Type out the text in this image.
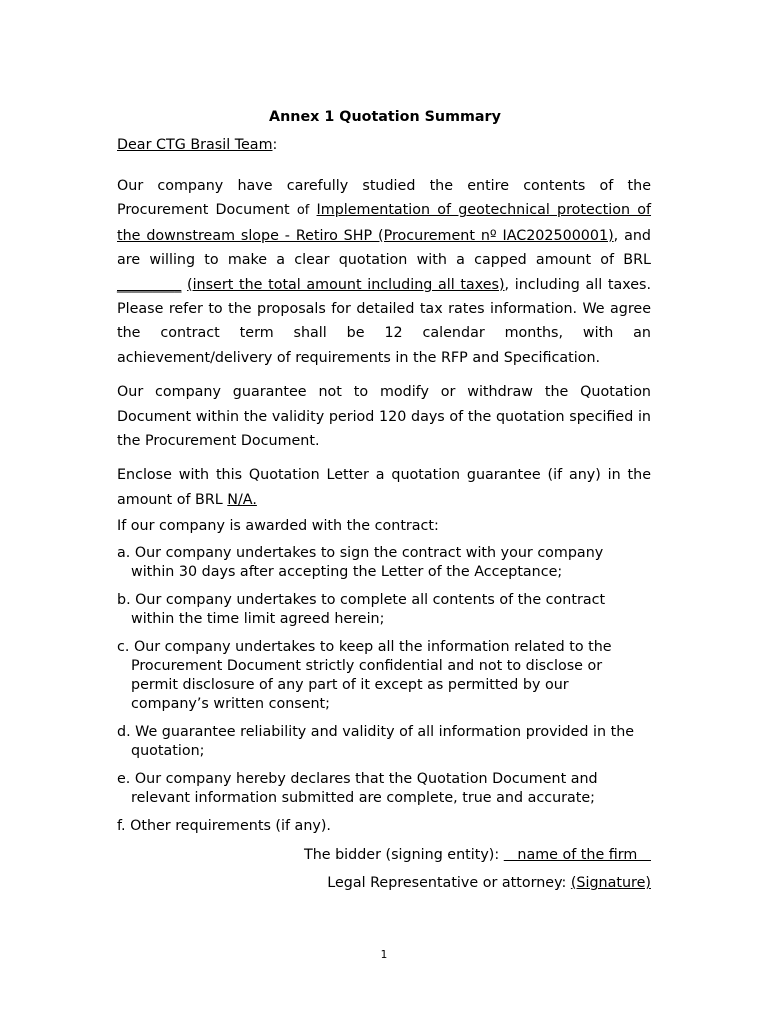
Annex 1 Quotation Summary

Dear CTG Brasil Team:

Our company have carefully studied the entire contents of the Procurement Document of Implementation of geotechnical protection of the downstream slope - Retiro SHP (Procurement nº IAC202500001), and are willing to make a clear quotation with a capped amount of BRL _________ (insert the total amount including all taxes), including all taxes. Please refer to the proposals for detailed tax rates information. We agree the contract term shall be 12 calendar months, with an achievement/delivery of requirements in the RFP and Specification.

Our company guarantee not to modify or withdraw the Quotation Document within the validity period 120 days of the quotation specified in the Procurement Document.

Enclose with this Quotation Letter a quotation guarantee (if any) in the amount of BRL N/A.

If our company is awarded with the contract:

a. Our company undertakes to sign the contract with your company within 30 days after accepting the Letter of the Acceptance;
b. Our company undertakes to complete all contents of the contract within the time limit agreed herein;
c. Our company undertakes to keep all the information related to the Procurement Document strictly confidential and not to disclose or permit disclosure of any part of it except as permitted by our company’s written consent;
d. We guarantee reliability and validity of all information provided in the quotation;
e. Our company hereby declares that the Quotation Document and relevant information submitted are complete, true and accurate;
f. Other requirements (if any).

The bidder (signing entity):    name of the firm

Legal Representative or attorney: (Signature)

1
